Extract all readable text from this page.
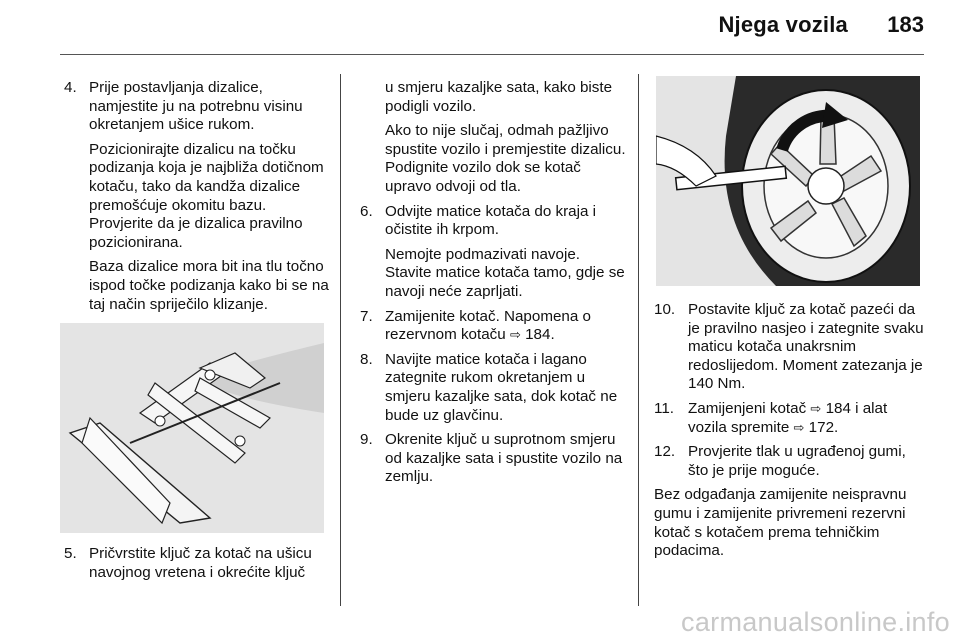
Njega vozila	183
4. Prije postavljanja dizalice, namjestite ju na potrebnu visinu okretanjem ušice rukom.

Pozicionirajte dizalicu na točku podizanja koja je najbliža dotičnom kotaču, tako da kandža dizalice premošćuje okomitu bazu. Provjerite da je dizalica pravilno pozicionirana.

Baza dizalice mora bit ina tlu točno ispod točke podizanja kako bi se na taj način spriječilo klizanje.

5. Pričvrstite ključ za kotač na ušicu navojnog vretena i okrećite ključ

u smjeru kazaljke sata, kako biste podigli vozilo.

Ako to nije slučaj, odmah pažljivo spustite vozilo i premjestite dizalicu. Podignite vozilo dok se kotač upravo odvoji od tla.

6. Odvijte matice kotača do kraja i očistite ih krpom.

Nemojte podmazivati navoje. Stavite matice kotača tamo, gdje se navoji neće zaprljati.

7. Zamijenite kotač. Napomena o rezervnom kotaču ⇨ 184.

8. Navijte matice kotača i lagano zategnite rukom okretanjem u smjeru kazaljke sata, dok kotač ne bude uz glavčinu.

9. Okrenite ključ u suprotnom smjeru od kazaljke sata i spustite vozilo na zemlju.

10. Postavite ključ za kotač pazeći da je pravilno nasjeo i zategnite svaku maticu kotača unakrsnim redoslijedom. Moment zatezanja je 140 Nm.

11. Zamijenjeni kotač ⇨ 184 i alat vozila spremite ⇨ 172.

12. Provjerite tlak u ugrađenoj gumi, što je prije moguće.

Bez odgađanja zamijenite neispravnu gumu i zamijenite privremeni rezervni kotač s kotačem prema tehničkim podacima.

carmanualsonline.info
